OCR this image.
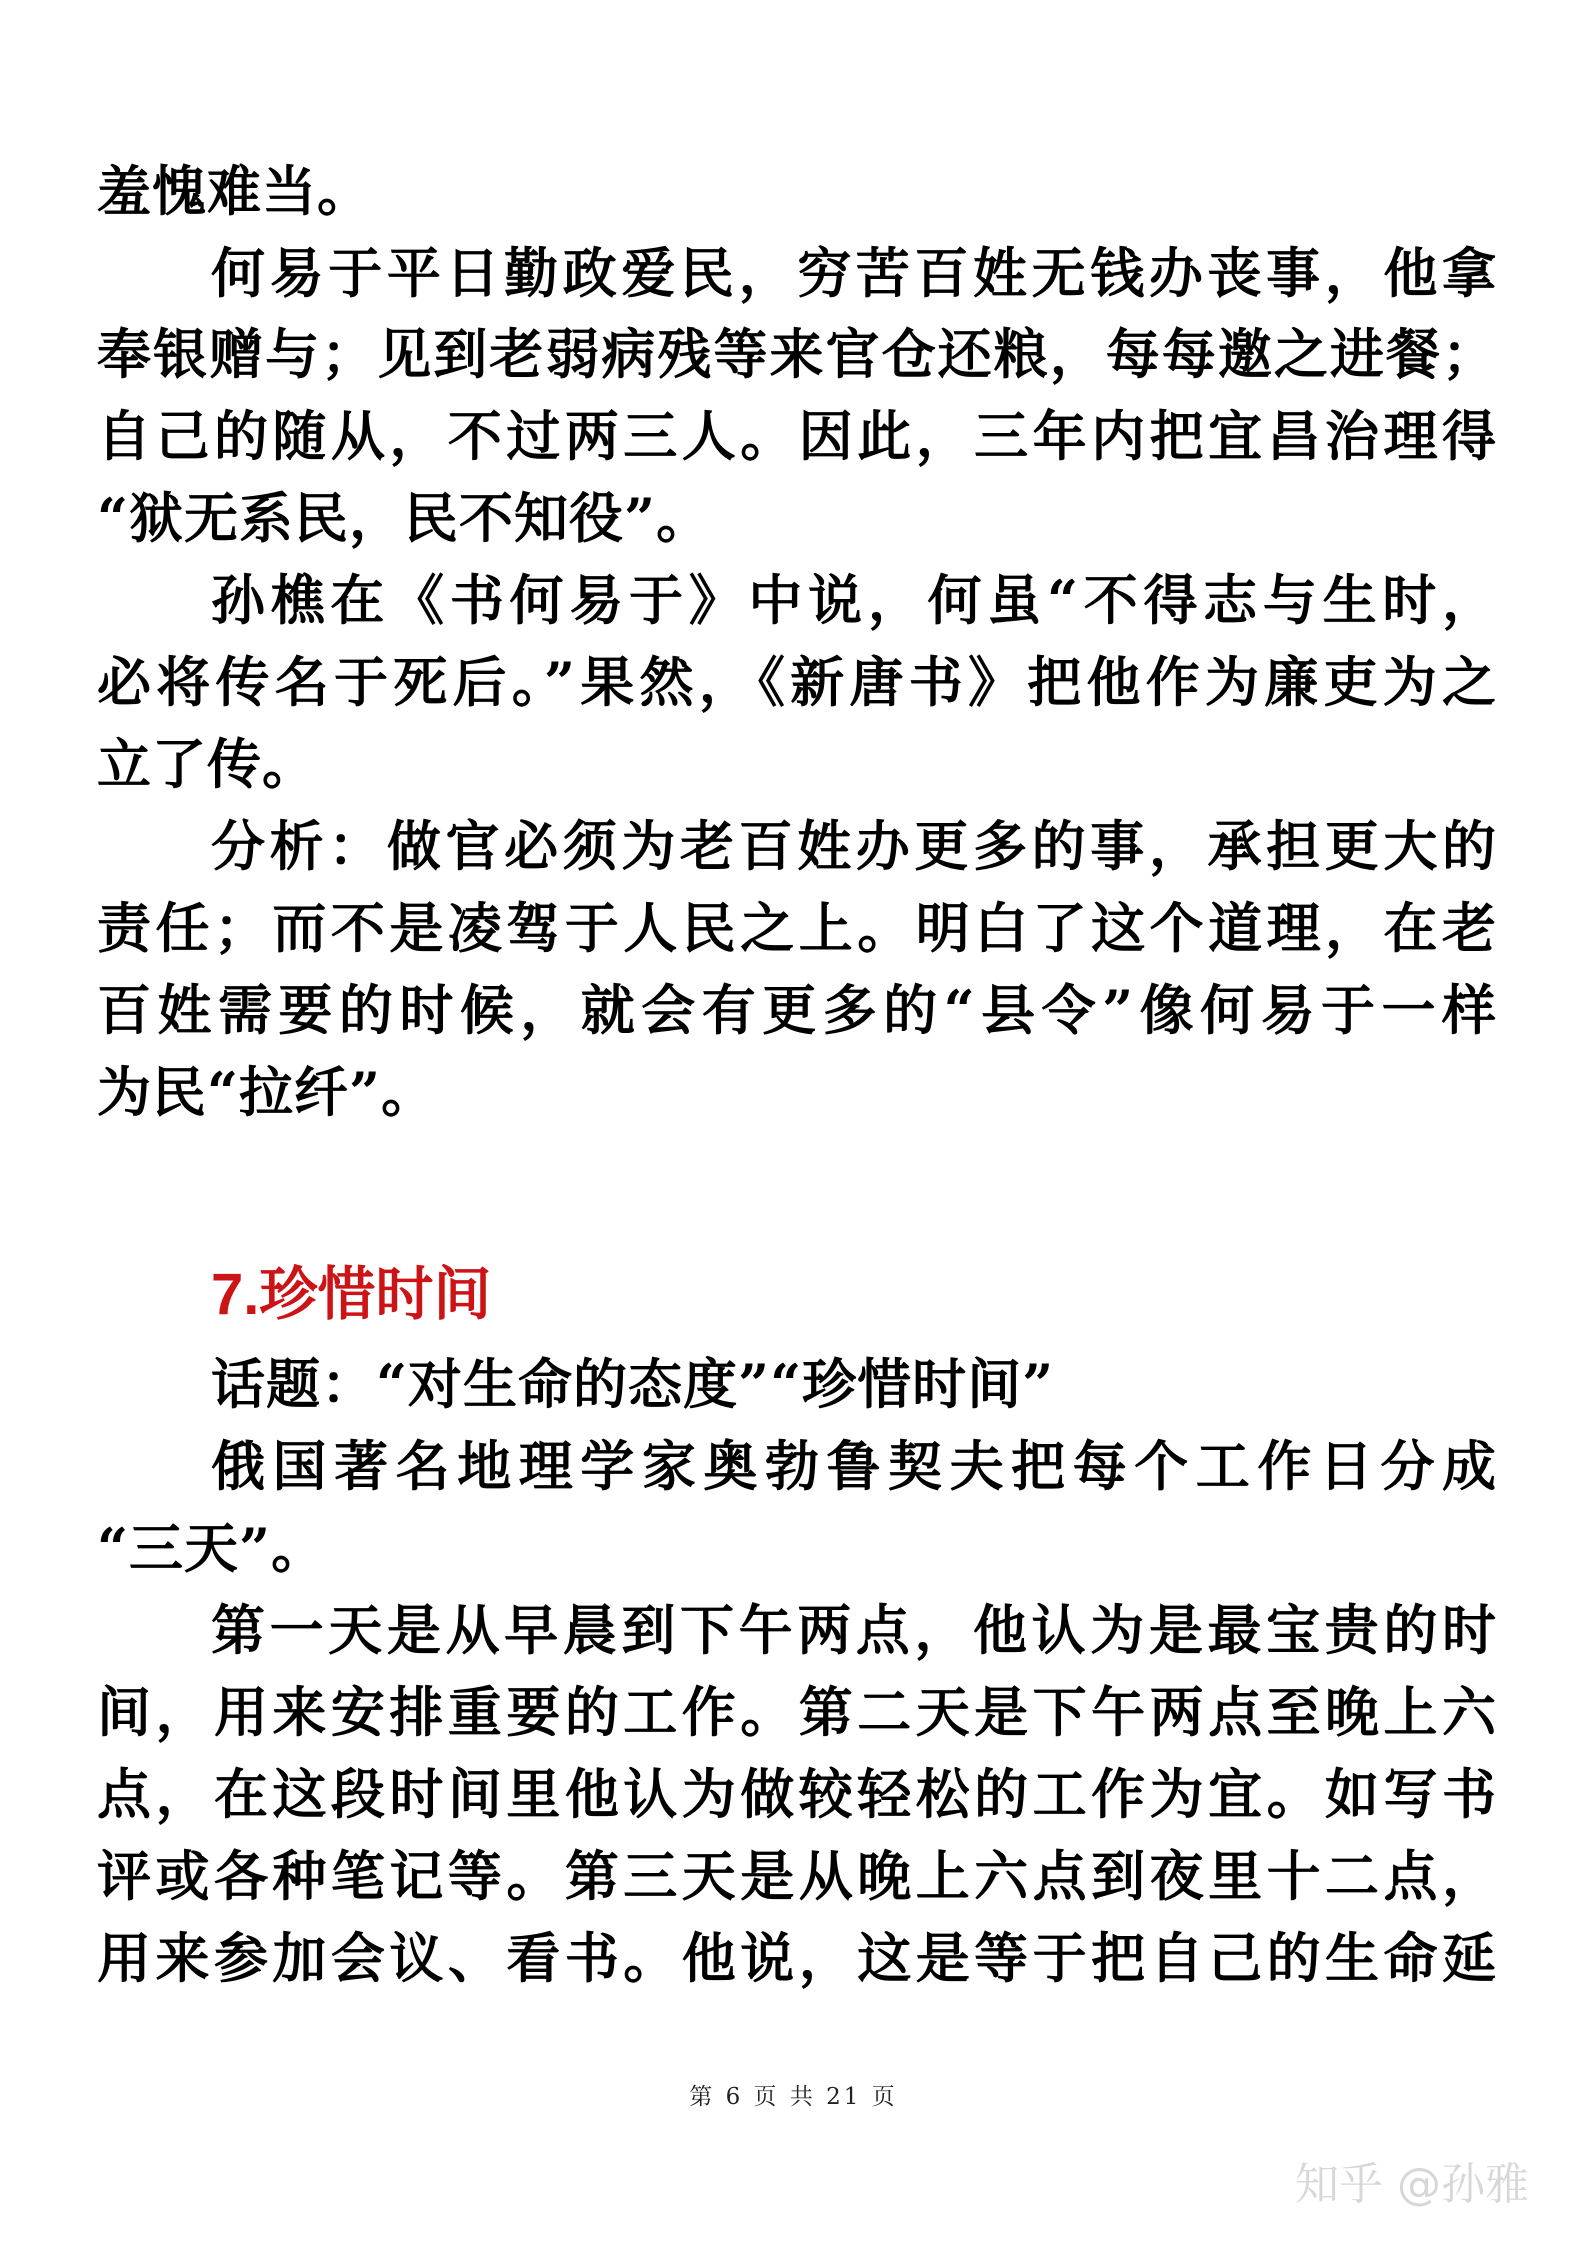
羞愧难当。
何易于平日勤政爱民，穷苦百姓无钱办丧事，他拿
奉银赠与；见到老弱病残等来官仓还粮，每每邀之进餐；
自己的随从，不过两三人。因此，三年内把宜昌治理得
“狱无系民，民不知役”。
孙樵在《书何易于》中说，何虽“不得志与生时，
必将传名于死后。”果然，《新唐书》把他作为廉吏为之
立了传。
分析：做官必须为老百姓办更多的事，承担更大的
责任；而不是凌驾于人民之上。明白了这个道理，在老
百姓需要的时候，就会有更多的“县令”像何易于一样
为民“拉纤”。
7.珍惜时间
话题：“对生命的态度”“珍惜时间”
俄国著名地理学家奥勃鲁契夫把每个工作日分成
“三天”。
第一天是从早晨到下午两点，他认为是最宝贵的时
间，用来安排重要的工作。第二天是下午两点至晚上六
点，在这段时间里他认为做较轻松的工作为宜。如写书
评或各种笔记等。第三天是从晚上六点到夜里十二点，
用来参加会议、看书。他说，这是等于把自己的生命延
第 6 页 共 21 页
知乎 @孙雅
